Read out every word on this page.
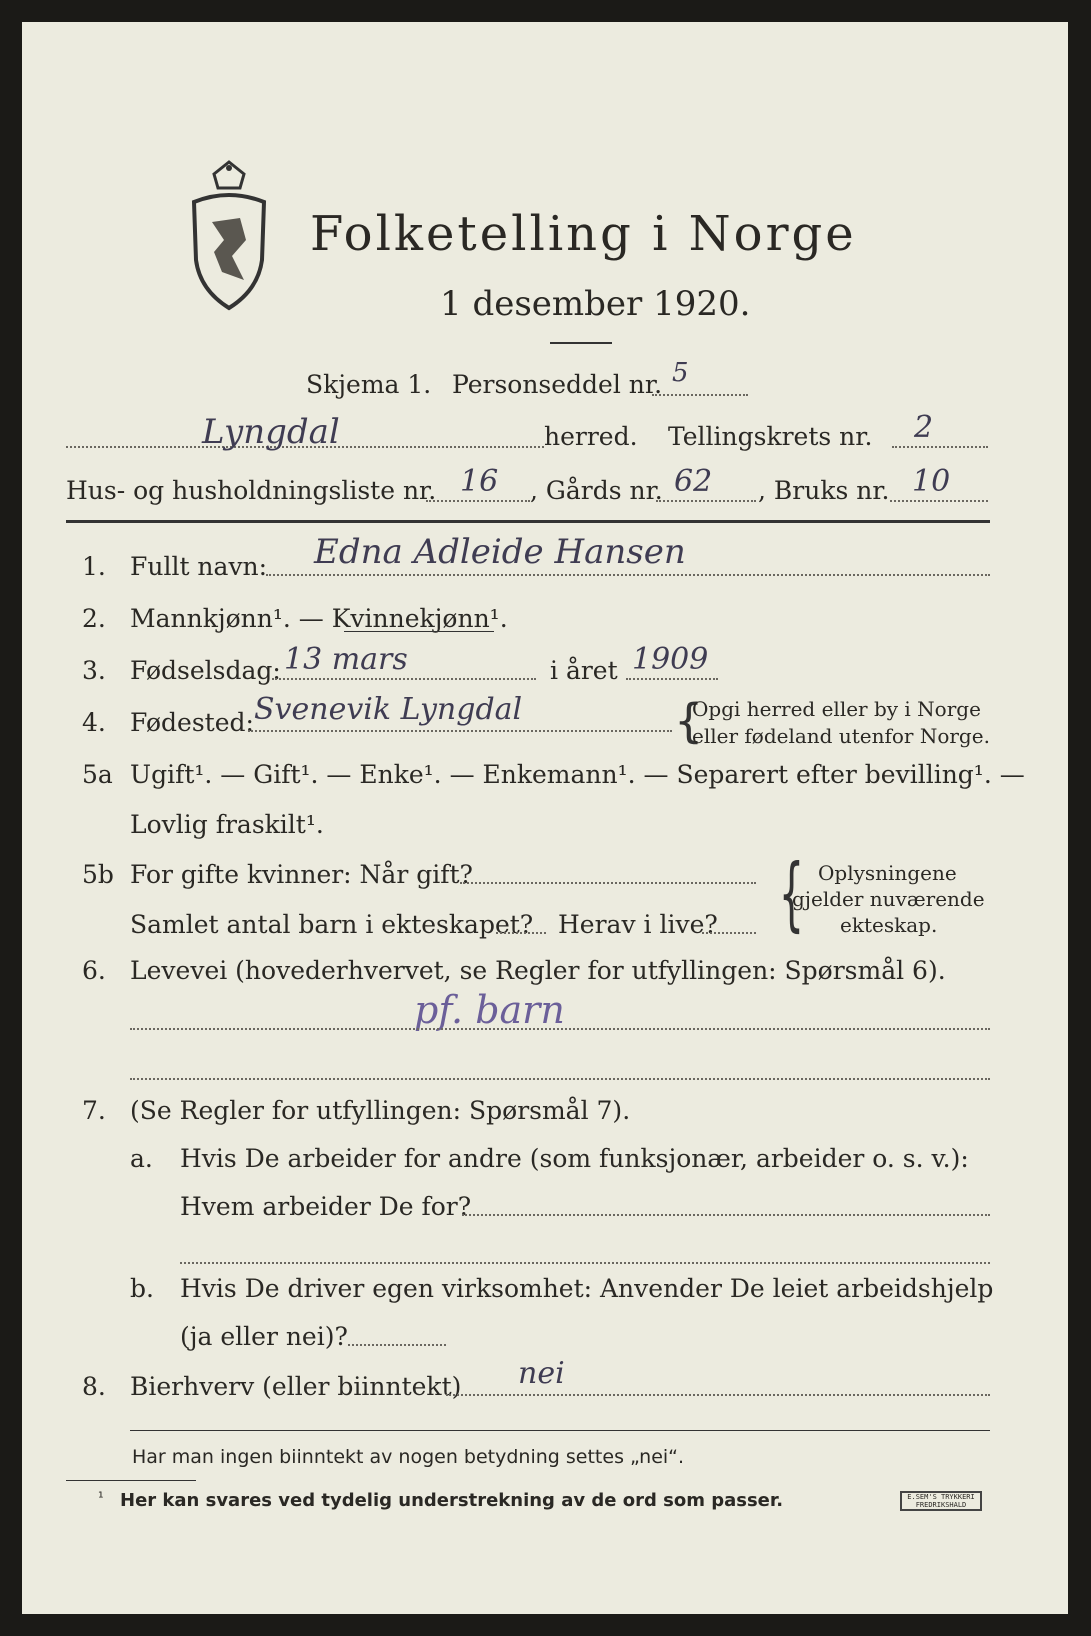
Folketelling i Norge
1 desember 1920.
Skjema 1. Personseddel nr. 5
Lyngdal	herred. Tellingskrets nr. 2
Hus- og husholdningsliste nr. 16 , Gårds nr. 62 , Bruks nr. 10
1. Fullt navn: Edna Adleide Hansen
2. Mannkjønn¹. — Kvinnekjønn¹.
3. Fødselsdag: 13 mars	i året 1909
4. Fødested: Svenevik Lyngdal	{
Opgi herred eller by i Norge
eller fødeland utenfor Norge.
5a Ugift¹. — Gift¹. — Enke¹. — Enkemann¹. — Separert efter bevilling¹. —
Lovlig fraskilt¹.
5b For gifte kvinner: Når gift?
Samlet antal barn i ekteskapet? Herav i live? { Oplysningene
gjelder nuværende
ekteskap.
6. Levevei (hovederhvervet, se Regler for utfyllingen: Spørsmål 6).
pf. barn
7. (Se Regler for utfyllingen: Spørsmål 7).
a. Hvis De arbeider for andre (som funksjonær, arbeider o. s. v.):
Hvem arbeider De for?
b. Hvis De driver egen virksomhet: Anvender De leiet arbeidshjelp
(ja eller nei)?
8. Bierhverv (eller biinntekt) nei
Har man ingen biinntekt av nogen betydning settes „nei“.
¹ Her kan svares ved tydelig understrekning av de ord som passer.	E.SEM'S TRYKKERI FREDRIKSHALD
